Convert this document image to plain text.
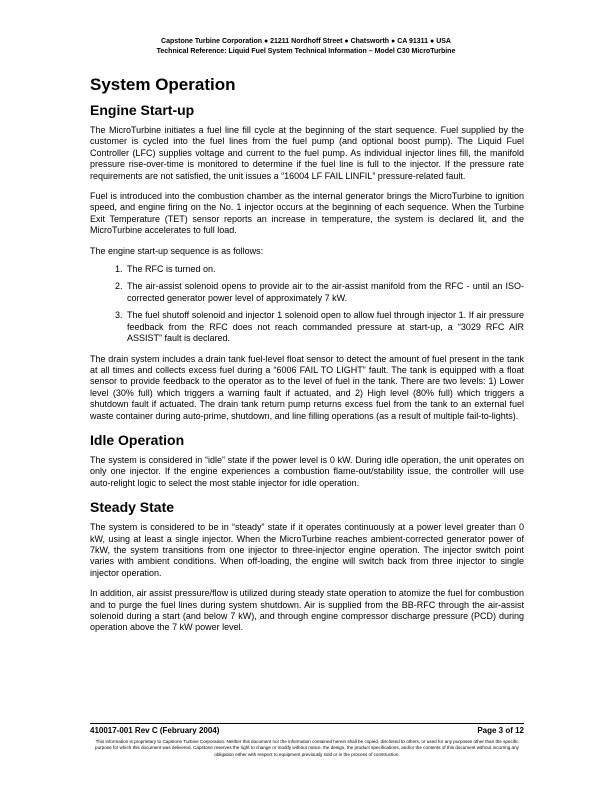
Capstone Turbine Corporation ● 21211 Nordhoff Street ● Chatsworth ● CA 91311 ● USA
Technical Reference: Liquid Fuel System Technical Information – Model C30 MicroTurbine
System Operation
Engine Start-up

The MicroTurbine initiates a fuel line fill cycle at the beginning of the start sequence. Fuel supplied by the customer is cycled into the fuel lines from the fuel pump (and optional boost pump). The Liquid Fuel Controller (LFC) supplies voltage and current to the fuel pump. As individual injector lines fill, the manifold pressure rise-over-time is monitored to determine if the fuel line is full to the injector. If the pressure rate requirements are not satisfied, the unit issues a “16004 LF FAIL LINFIL” pressure-related fault.

Fuel is introduced into the combustion chamber as the internal generator brings the MicroTurbine to ignition speed, and engine firing on the No. 1 injector occurs at the beginning of each sequence. When the Turbine Exit Temperature (TET) sensor reports an increase in temperature, the system is declared lit, and the MicroTurbine accelerates to full load.

The engine start-up sequence is as follows:

1. The RFC is turned on.
2. The air-assist solenoid opens to provide air to the air-assist manifold from the RFC - until an ISO-corrected generator power level of approximately 7 kW.
3. The fuel shutoff solenoid and injector 1 solenoid open to allow fuel through injector 1. If air pressure feedback from the RFC does not reach commanded pressure at start-up, a “3029 RFC AIR ASSIST” fault is declared.

The drain system includes a drain tank fuel-level float sensor to detect the amount of fuel present in the tank at all times and collects excess fuel during a “6006 FAIL TO LIGHT” fault. The tank is equipped with a float sensor to provide feedback to the operator as to the level of fuel in the tank. There are two levels: 1) Lower level (30% full) which triggers a warning fault if actuated, and 2) High level (80% full) which triggers a shutdown fault if actuated. The drain tank return pump returns excess fuel from the tank to an external fuel waste container during auto-prime, shutdown, and line filling operations (as a result of multiple fail-to-lights).

Idle Operation

The system is considered in “idle” state if the power level is 0 kW. During idle operation, the unit operates on only one injector. If the engine experiences a combustion flame-out/stability issue, the controller will use auto-relight logic to select the most stable injector for idle operation.

Steady State

The system is considered to be in “steady” state if it operates continuously at a power level greater than 0 kW, using at least a single injector. When the MicroTurbine reaches ambient-corrected generator power of 7kW, the system transitions from one injector to three-injector engine operation. The injector switch point varies with ambient conditions. When off-loading, the engine will switch back from three injector to single injector operation.

In addition, air assist pressure/flow is utilized during steady state operation to atomize the fuel for combustion and to purge the fuel lines during system shutdown. Air is supplied from the BB-RFC through the air-assist solenoid during a start (and below 7 kW), and through engine compressor discharge pressure (PCD) during operation above the 7 kW power level.

410017-001 Rev C (February 2004)	Page 3 of 12
This information is proprietary to Capstone Turbine Corporation. Neither this document nor the information contained herein shall be copied, disclosed to others, or used for any purposes other than the specific purpose for which this document was delivered. Capstone reserves the right to change or modify without notice, the design, the product specifications, and/or the contents of this document without incurring any obligation either with respect to equipment previously sold or in the process of construction.
